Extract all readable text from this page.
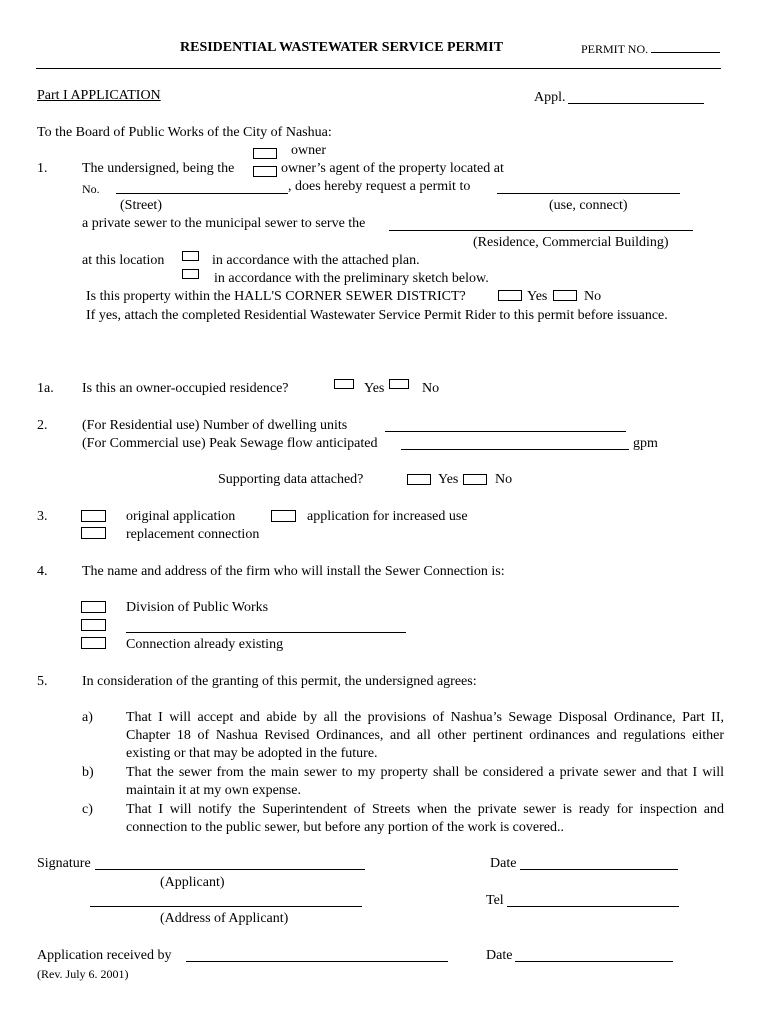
RESIDENTIAL WASTEWATER SERVICE PERMIT	PERMIT NO.
Part I APPLICATION	Appl.
To the Board of Public Works of the City of Nashua:
owner
1. The undersigned, being the	owner’s agent of the property located at
No.	, does hereby request a permit to
(Street)	(use, connect)
a private sewer to the municipal sewer to serve the
(Residence, Commercial Building)
at this location	in accordance with the attached plan.
in accordance with the preliminary sketch below.
Is this property within the HALL'S CORNER SEWER DISTRICT?	Yes	No
If yes, attach the completed Residential Wastewater Service Permit Rider to this permit before issuance.
1a. Is this an owner-occupied residence?	Yes	No
2. (For Residential use) Number of dwelling units
(For Commercial use) Peak Sewage flow anticipated	gpm
Supporting data attached?	Yes	No
3.	original application	application for increased use
replacement connection
4. The name and address of the firm who will install the Sewer Connection is:
Division of Public Works
Connection already existing
5. In consideration of the granting of this permit, the undersigned agrees:
a) That I will accept and abide by all the provisions of Nashua’s Sewage Disposal Ordinance, Part II, Chapter 18 of Nashua Revised Ordinances, and all other pertinent ordinances and regulations either existing or that may be adopted in the future.
b) That the sewer from the main sewer to my property shall be considered a private sewer and that I will maintain it at my own expense.
c) That I will notify the Superintendent of Streets when the private sewer is ready for inspection and connection to the public sewer, but before any portion of the work is covered..
Signature	Date
(Applicant)
Tel
(Address of Applicant)
Application received by	Date
(Rev. July 6. 2001)
